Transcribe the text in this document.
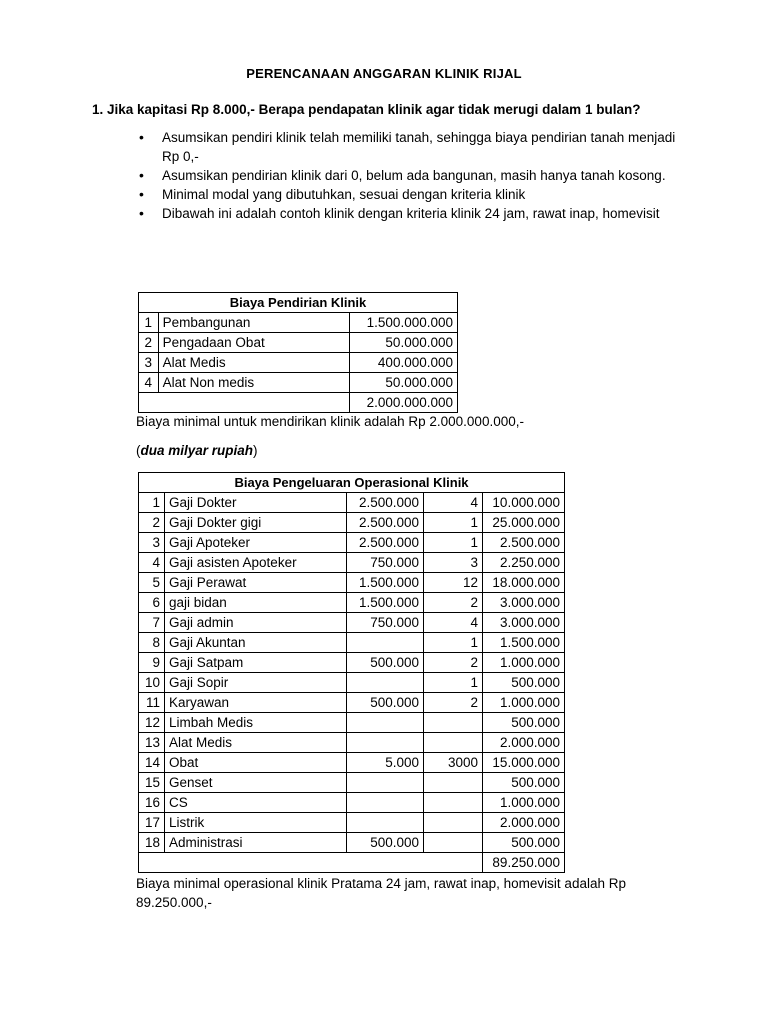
PERENCANAAN ANGGARAN KLINIK RIJAL
1. Jika kapitasi Rp 8.000,- Berapa pendapatan klinik agar tidak merugi dalam 1 bulan?
• Asumsikan pendiri klinik telah memiliki tanah, sehingga biaya pendirian tanah menjadi Rp 0,-
• Asumsikan pendirian klinik dari 0, belum ada bangunan, masih hanya tanah kosong.
• Minimal modal yang dibutuhkan, sesuai dengan kriteria klinik
• Dibawah ini adalah contoh klinik dengan kriteria klinik 24 jam, rawat inap, homevisit
Biaya Pendirian Klinik		
1	Pembangunan	1.500.000.000
2	Pengadaan Obat	50.000.000
3	Alat Medis	400.000.000
4	Alat Non medis	50.000.000
		2.000.000.000
Biaya minimal untuk mendirikan klinik adalah Rp 2.000.000.000,-
(dua milyar rupiah)
Biaya Pengeluaran Operasional Klinik				
1	Gaji Dokter	2.500.000	4	10.000.000
2	Gaji Dokter gigi	2.500.000	1	25.000.000
3	Gaji Apoteker	2.500.000	1	2.500.000
4	Gaji asisten Apoteker	750.000	3	2.250.000
5	Gaji Perawat	1.500.000	12	18.000.000
6	gaji bidan	1.500.000	2	3.000.000
7	Gaji admin	750.000	4	3.000.000
8	Gaji Akuntan		1	1.500.000
9	Gaji Satpam	500.000	2	1.000.000
10	Gaji Sopir		1	500.000
11	Karyawan	500.000	2	1.000.000
12	Limbah Medis			500.000
13	Alat Medis			2.000.000
14	Obat	5.000	3000	15.000.000
15	Genset			500.000
16	CS			1.000.000
17	Listrik			2.000.000
18	Administrasi	500.000		500.000
				89.250.000
Biaya minimal operasional klinik Pratama 24 jam, rawat inap, homevisit adalah Rp 89.250.000,-
